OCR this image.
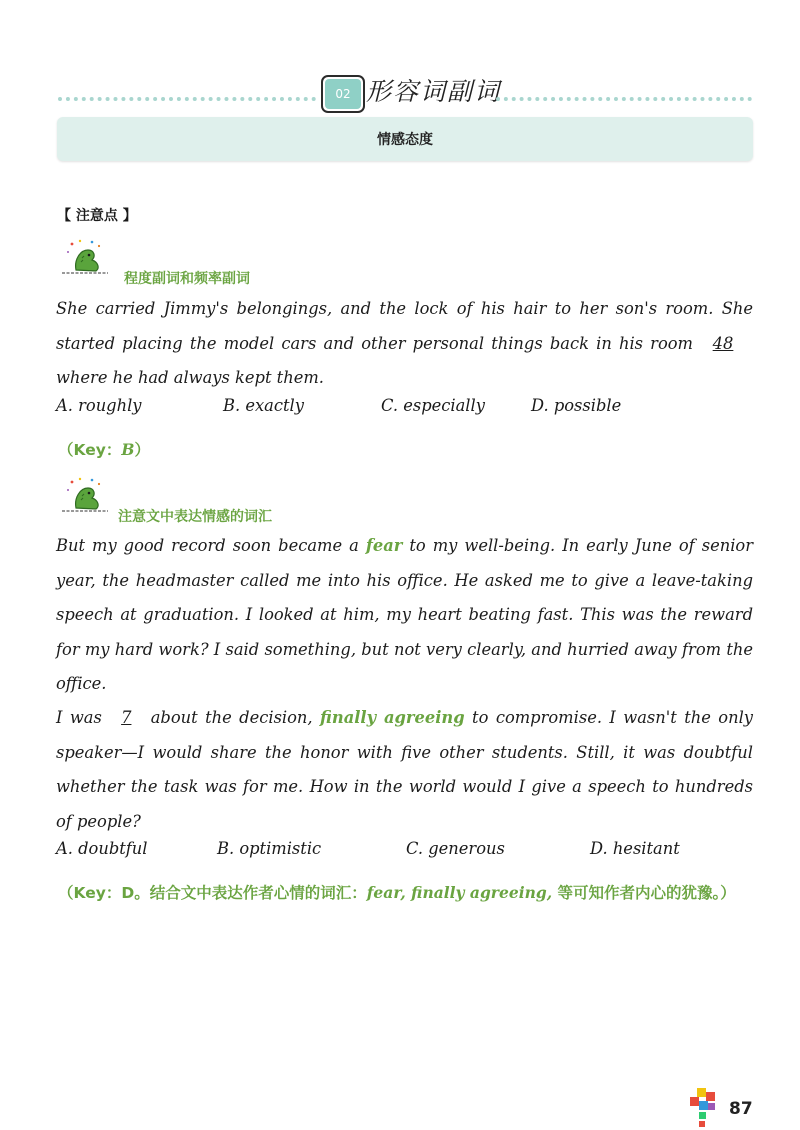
02 形容词副词
情感态度
【 注意点 】
程度副词和频率副词
She carried Jimmy's belongings, and the lock of his hair to her son's room. She started placing the model cars and other personal things back in his room 48where he had always kept them.
A. roughly	B. exactly	C. especially	D. possible
（Key：B）
注意文中表达情感的词汇
But my good record soon became a fear to my well-being. In early June of senior year, the headmaster called me into his office. He asked me to give a leave-taking speech at graduation. I looked at him, my heart beating fast. This was the reward for my hard work? I said something, but not very clearly, and hurried away from the office.
I was 7 about the decision, finally agreeing to compromise. I wasn't the only speaker—I would share the honor with five other students. Still, it was doubtful whether the task was for me. How in the world would I give a speech to hundreds of people?
A. doubtful	B. optimistic	C. generous	D. hesitant
（Key：D。结合文中表达作者心情的词汇：fear, finally agreeing, 等可知作者内心的犹豫。）
87
